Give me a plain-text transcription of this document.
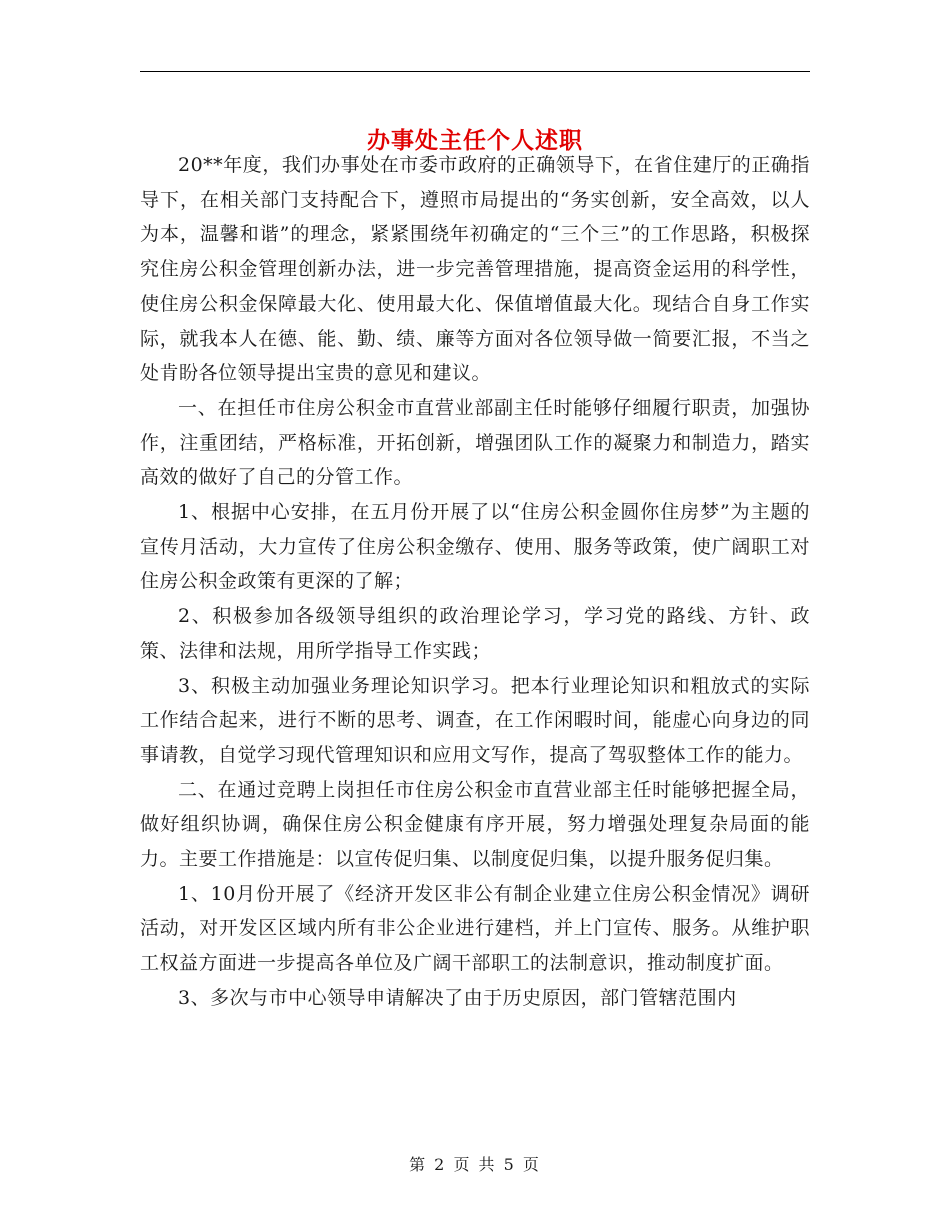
办事处主任个人述职

20**年度，我们办事处在市委市政府的正确领导下，在省住建厅的正确指导下，在相关部门支持配合下，遵照市局提出的“务实创新，安全高效，以人为本，温馨和谐”的理念，紧紧围绕年初确定的“三个三”的工作思路，积极探究住房公积金管理创新办法，进一步完善管理措施，提高资金运用的科学性，使住房公积金保障最大化、使用最大化、保值增值最大化。现结合自身工作实际，就我本人在德、能、勤、绩、廉等方面对各位领导做一简要汇报，不当之处肯盼各位领导提出宝贵的意见和建议。

一、在担任市住房公积金市直营业部副主任时能够仔细履行职责，加强协作，注重团结，严格标准，开拓创新，增强团队工作的凝聚力和制造力，踏实高效的做好了自己的分管工作。

1、根据中心安排，在五月份开展了以“住房公积金圆你住房梦”为主题的宣传月活动，大力宣传了住房公积金缴存、使用、服务等政策，使广阔职工对住房公积金政策有更深的了解；

2、积极参加各级领导组织的政治理论学习，学习党的路线、方针、政策、法律和法规，用所学指导工作实践；

3、积极主动加强业务理论知识学习。把本行业理论知识和粗放式的实际工作结合起来，进行不断的思考、调查，在工作闲暇时间，能虚心向身边的同事请教，自觉学习现代管理知识和应用文写作，提高了驾驭整体工作的能力。

二、在通过竞聘上岗担任市住房公积金市直营业部主任时能够把握全局，做好组织协调，确保住房公积金健康有序开展，努力增强处理复杂局面的能力。主要工作措施是：以宣传促归集、以制度促归集，以提升服务促归集。

1、10月份开展了《经济开发区非公有制企业建立住房公积金情况》调研活动，对开发区区域内所有非公企业进行建档，并上门宣传、服务。从维护职工权益方面进一步提高各单位及广阔干部职工的法制意识，推动制度扩面。

3、多次与市中心领导申请解决了由于历史原因，部门管辖范围内

第 2 页 共 5 页
